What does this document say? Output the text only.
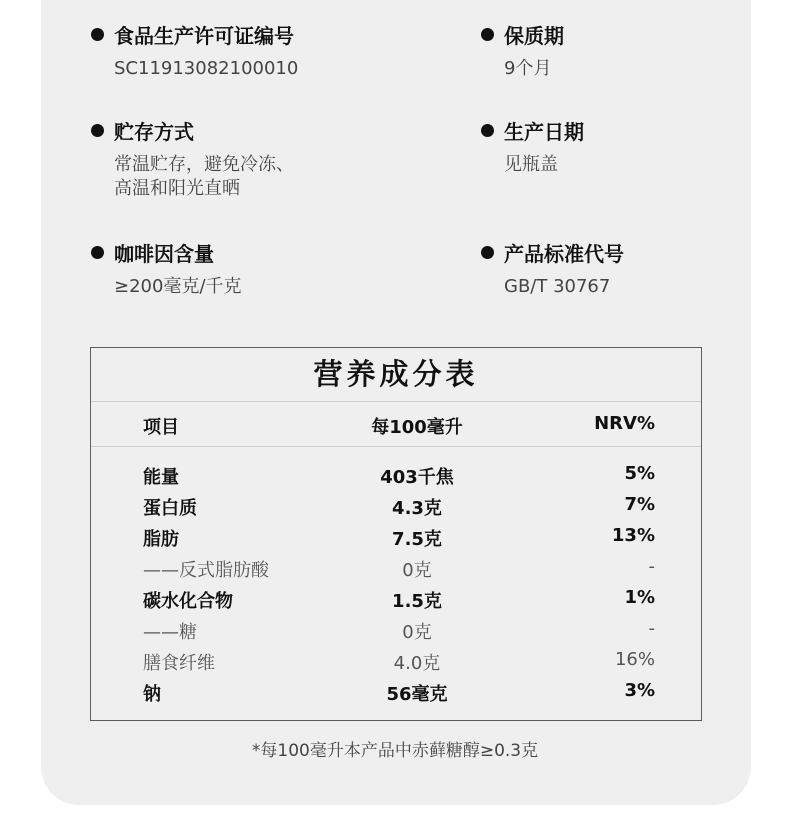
食品生产许可证编号
SC11913082100010
保质期
9个月
贮存方式
常温贮存，避免冷冻、
高温和阳光直晒
生产日期
见瓶盖
咖啡因含量
≥200毫克/千克
产品标准代号
GB/T 30767
营养成分表
项目	每100毫升	NRV%
能量	403千焦	5%
蛋白质	4.3克	7%
脂肪	7.5克	13%
——反式脂肪酸	0克	-
碳水化合物	1.5克	1%
——糖	0克	-
膳食纤维	4.0克	16%
钠	56毫克	3%
*每100毫升本产品中赤藓糖醇≥0.3克
